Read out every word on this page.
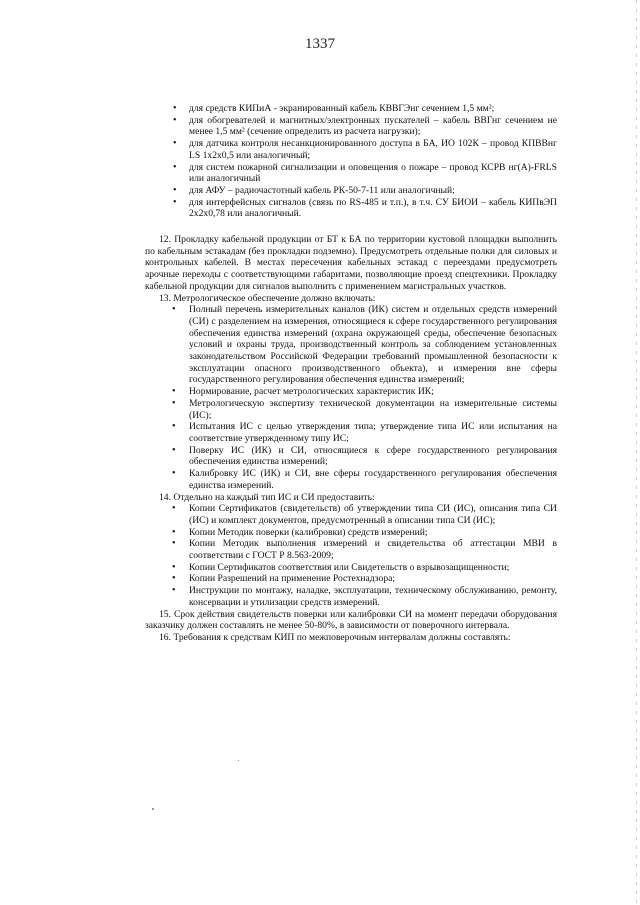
1337
• для средств КИПиА - экранированный кабель КВВГЭнг сечением 1,5 мм²;
• для обогревателей и магнитных/электронных пускателей – кабель ВВГнг сечением не менее 1,5 мм² (сечение определить из расчета нагрузки);
• для датчика контроля несанкционированного доступа в БА, ИО 102К – провод КПВВнг LS 1х2х0,5 или аналогичный;
• для систем пожарной сигнализации и оповещения о пожаре – провод КСРВ нг(А)-FRLS или аналогичный
• для АФУ – радиочастотный кабель РК-50-7-11 или аналогичный;
• для интерфейсных сигналов (связь по RS-485 и т.п.), в т.ч. СУ БИОИ – кабель КИПвЭП 2х2х0,78 или аналогичный.

12. Прокладку кабельной продукции от БТ к БА по территории кустовой площадки выполнить по кабельным эстакадам (без прокладки подземно). Предусмотреть отдельные полки для силовых и контрольных кабелей. В местах пересечения кабельных эстакад с переездами предусмотреть арочные переходы с соответствующими габаритами, позволяющие проезд спецтехники. Прокладку кабельной продукции для сигналов выполнить с применением магистральных участков.

13. Метрологическое обеспечение должно включать:

• Полный перечень измерительных каналов (ИК) систем и отдельных средств измерений (СИ) с разделением на измерения, относящиеся к сфере государственного регулирования обеспечения единства измерений (охрана окружающей среды, обеспечение безопасных условий и охраны труда, производственный контроль за соблюдением установленных законодательством Российской Федерации требований промышленной безопасности к эксплуатации опасного производственного объекта), и измерения вне сферы государственного регулирования обеспечения единства измерений;
• Нормирование, расчет метрологических характеристик ИК;
• Метрологическую экспертизу технической документации на измерительные системы (ИС);
• Испытания ИС с целью утверждения типа; утверждение типа ИС или испытания на соответствие утвержденному типу ИС;
• Поверку ИС (ИК) и СИ, относящиеся к сфере государственного регулирования обеспечения единства измерений;
• Калибровку ИС (ИК) и СИ, вне сферы государственного регулирования обеспечения единства измерений.

14. Отдельно на каждый тип ИС и СИ предоставить:

• Копии Сертификатов (свидетельств) об утверждении типа СИ (ИС), описания типа СИ (ИС) и комплект документов, предусмотренный в описании типа СИ (ИС);
• Копии Методик поверки (калибровки) средств измерений;
• Копии Методик выполнения измерений и свидетельства об аттестации МВИ в соответствии с ГОСТ Р 8.563-2009;
• Копии Сертификатов соответствия или Свидетельств о взрывозащищенности;
• Копии Разрешений на применение Ростехнадзора;
• Инструкции по монтажу, наладке, эксплуатации, техническому обслуживанию, ремонту, консервации и утилизации средств измерений.

15. Срок действия свидетельств поверки или калибровки СИ на момент передачи оборудования заказчику должен составлять не менее 50-80%, в зависимости от поверочного интервала.

16. Требования к средствам КИП по межповерочным интервалам должны составлять:
